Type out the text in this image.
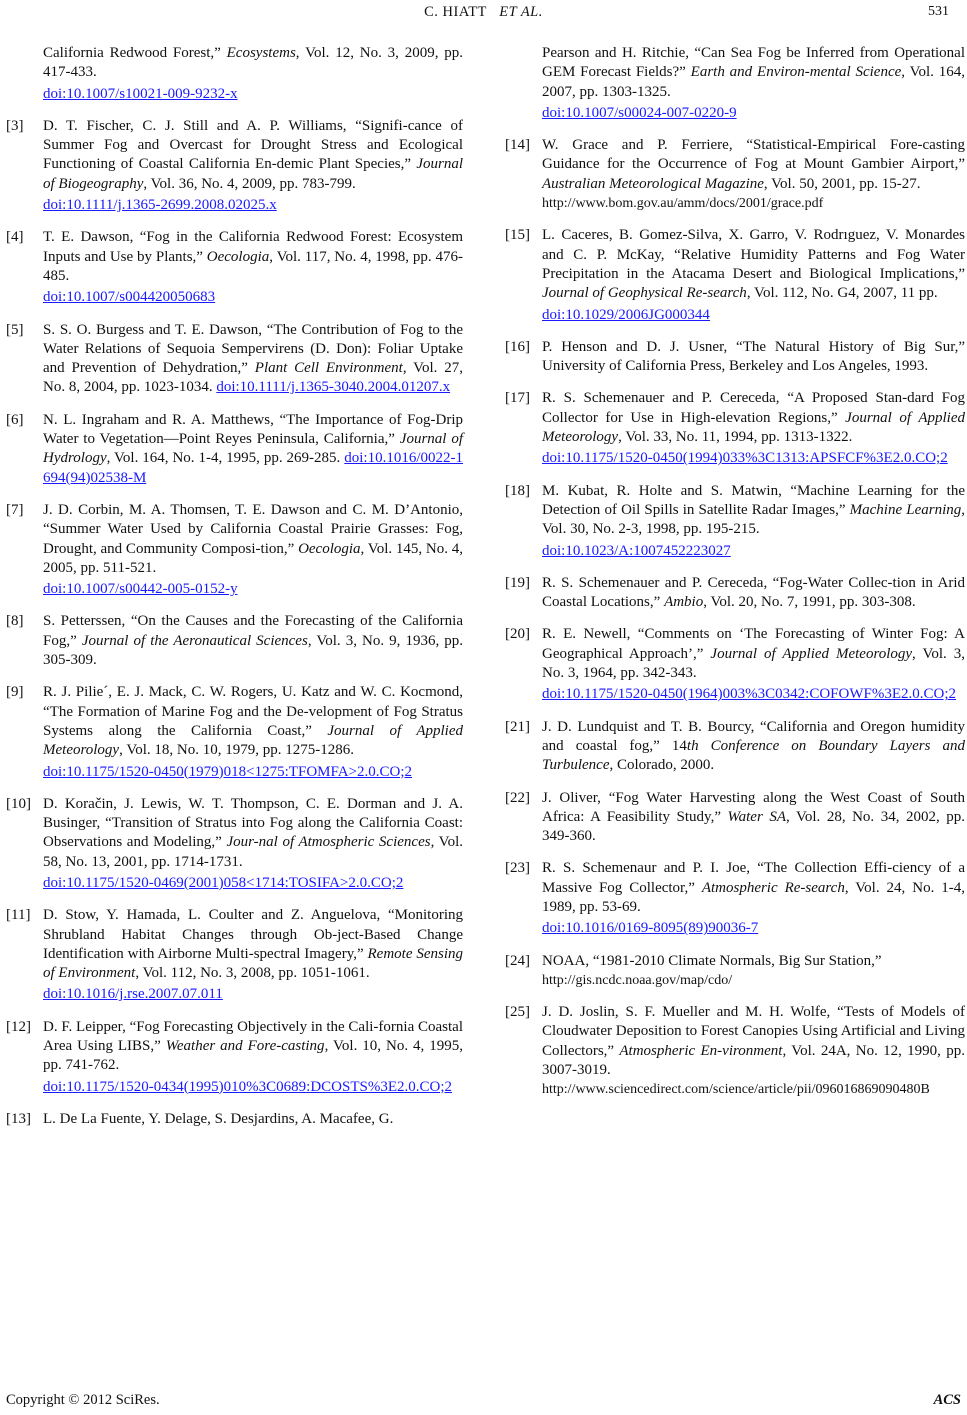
C. HIATT ET AL.	531
California Redwood Forest,” Ecosystems, Vol. 12, No. 3, 2009, pp. 417-433.
doi:10.1007/s10021-009-9232-x
[3]	D. T. Fischer, C. J. Still and A. P. Williams, “Signifi-cance of Summer Fog and Overcast for Drought Stress and Ecological Functioning of Coastal California En-demic Plant Species,” Journal of Biogeography, Vol. 36, No. 4, 2009, pp. 783-799.
doi:10.1111/j.1365-2699.2008.02025.x
[4]	T. E. Dawson, “Fog in the California Redwood Forest: Ecosystem Inputs and Use by Plants,” Oecologia, Vol. 117, No. 4, 1998, pp. 476-485.
doi:10.1007/s004420050683
[5]	S. S. O. Burgess and T. E. Dawson, “The Contribution of Fog to the Water Relations of Sequoia Sempervirens (D. Don): Foliar Uptake and Prevention of Dehydration,” Plant Cell Environment, Vol. 27, No. 8, 2004, pp. 1023-1034. doi:10.1111/j.1365-3040.2004.01207.x
[6]	N. L. Ingraham and R. A. Matthews, “The Importance of Fog-Drip Water to Vegetation—Point Reyes Peninsula, California,” Journal of Hydrology, Vol. 164, No. 1-4, 1995, pp. 269-285. doi:10.1016/0022-1694(94)02538-M
[7]	J. D. Corbin, M. A. Thomsen, T. E. Dawson and C. M. D’Antonio, “Summer Water Used by California Coastal Prairie Grasses: Fog, Drought, and Community Composi-tion,” Oecologia, Vol. 145, No. 4, 2005, pp. 511-521.
doi:10.1007/s00442-005-0152-y
[8]	S. Petterssen, “On the Causes and the Forecasting of the California Fog,” Journal of the Aeronautical Sciences, Vol. 3, No. 9, 1936, pp. 305-309.
[9]	R. J. Pilie´, E. J. Mack, C. W. Rogers, U. Katz and W. C. Kocmond, “The Formation of Marine Fog and the De-velopment of Fog Stratus Systems along the California Coast,” Journal of Applied Meteorology, Vol. 18, No. 10, 1979, pp. 1275-1286.
doi:10.1175/1520-0450(1979)018<1275:TFOMFA>2.0.CO;2
[10] D. Koračin, J. Lewis, W. T. Thompson, C. E. Dorman and J. A. Businger, “Transition of Stratus into Fog along the California Coast: Observations and Modeling,” Jour-nal of Atmospheric Sciences, Vol. 58, No. 13, 2001, pp. 1714-1731.
doi:10.1175/1520-0469(2001)058<1714:TOSIFA>2.0.CO;2
[11] D. Stow, Y. Hamada, L. Coulter and Z. Anguelova, “Monitoring Shrubland Habitat Changes through Ob-ject-Based Change Identification with Airborne Multi-spectral Imagery,” Remote Sensing of Environment, Vol. 112, No. 3, 2008, pp. 1051-1061.
doi:10.1016/j.rse.2007.07.011
[12] D. F. Leipper, “Fog Forecasting Objectively in the Cali-fornia Coastal Area Using LIBS,” Weather and Fore-casting, Vol. 10, No. 4, 1995, pp. 741-762.
doi:10.1175/1520-0434(1995)010%3C0689:DCOSTS%3E2.0.CO;2
[13] L. De La Fuente, Y. Delage, S. Desjardins, A. Macafee, G.
Pearson and H. Ritchie, “Can Sea Fog be Inferred from Operational GEM Forecast Fields?” Earth and Environ-mental Science, Vol. 164, 2007, pp. 1303-1325.
doi:10.1007/s00024-007-0220-9
[14] W. Grace and P. Ferriere, “Statistical-Empirical Fore-casting Guidance for the Occurrence of Fog at Mount Gambier Airport,” Australian Meteorological Magazine, Vol. 50, 2001, pp. 15-27.
http://www.bom.gov.au/amm/docs/2001/grace.pdf
[15] L. Caceres, B. Gomez-Silva, X. Garro, V. Rodrıguez, V. Monardes and C. P. McKay, “Relative Humidity Patterns and Fog Water Precipitation in the Atacama Desert and Biological Implications,” Journal of Geophysical Re-search, Vol. 112, No. G4, 2007, 11 pp.
doi:10.1029/2006JG000344
[16] P. Henson and D. J. Usner, “The Natural History of Big Sur,” University of California Press, Berkeley and Los Angeles, 1993.
[17] R. S. Schemenauer and P. Cereceda, “A Proposed Stan-dard Fog Collector for Use in High-elevation Regions,” Journal of Applied Meteorology, Vol. 33, No. 11, 1994, pp. 1313-1322.
doi:10.1175/1520-0450(1994)033%3C1313:APSFCF%3E2.0.CO;2
[18] M. Kubat, R. Holte and S. Matwin, “Machine Learning for the Detection of Oil Spills in Satellite Radar Images,” Machine Learning, Vol. 30, No. 2-3, 1998, pp. 195-215.
doi:10.1023/A:1007452223027
[19] R. S. Schemenauer and P. Cereceda, “Fog-Water Collec-tion in Arid Coastal Locations,” Ambio, Vol. 20, No. 7, 1991, pp. 303-308.
[20] R. E. Newell, “Comments on ‘The Forecasting of Winter Fog: A Geographical Approach’,” Journal of Applied Meteorology, Vol. 3, No. 3, 1964, pp. 342-343.
doi:10.1175/1520-0450(1964)003%3C0342:COFOWF%3E2.0.CO;2
[21] J. D. Lundquist and T. B. Bourcy, “California and Oregon humidity and coastal fog,” 14th Conference on Boundary Layers and Turbulence, Colorado, 2000.
[22] J. Oliver, “Fog Water Harvesting along the West Coast of South Africa: A Feasibility Study,” Water SA, Vol. 28, No. 34, 2002, pp. 349-360.
[23] R. S. Schemenaur and P. I. Joe, “The Collection Effi-ciency of a Massive Fog Collector,” Atmospheric Re-search, Vol. 24, No. 1-4, 1989, pp. 53-69.
doi:10.1016/0169-8095(89)90036-7
[24] NOAA, “1981-2010 Climate Normals, Big Sur Station,”
http://gis.ncdc.noaa.gov/map/cdo/
[25] J. D. Joslin, S. F. Mueller and M. H. Wolfe, “Tests of Models of Cloudwater Deposition to Forest Canopies Using Artificial and Living Collectors,” Atmospheric En-vironment, Vol. 24A, No. 12, 1990, pp. 3007-3019.
http://www.sciencedirect.com/science/article/pii/096016869090480B
Copyright © 2012 SciRes.	ACS
